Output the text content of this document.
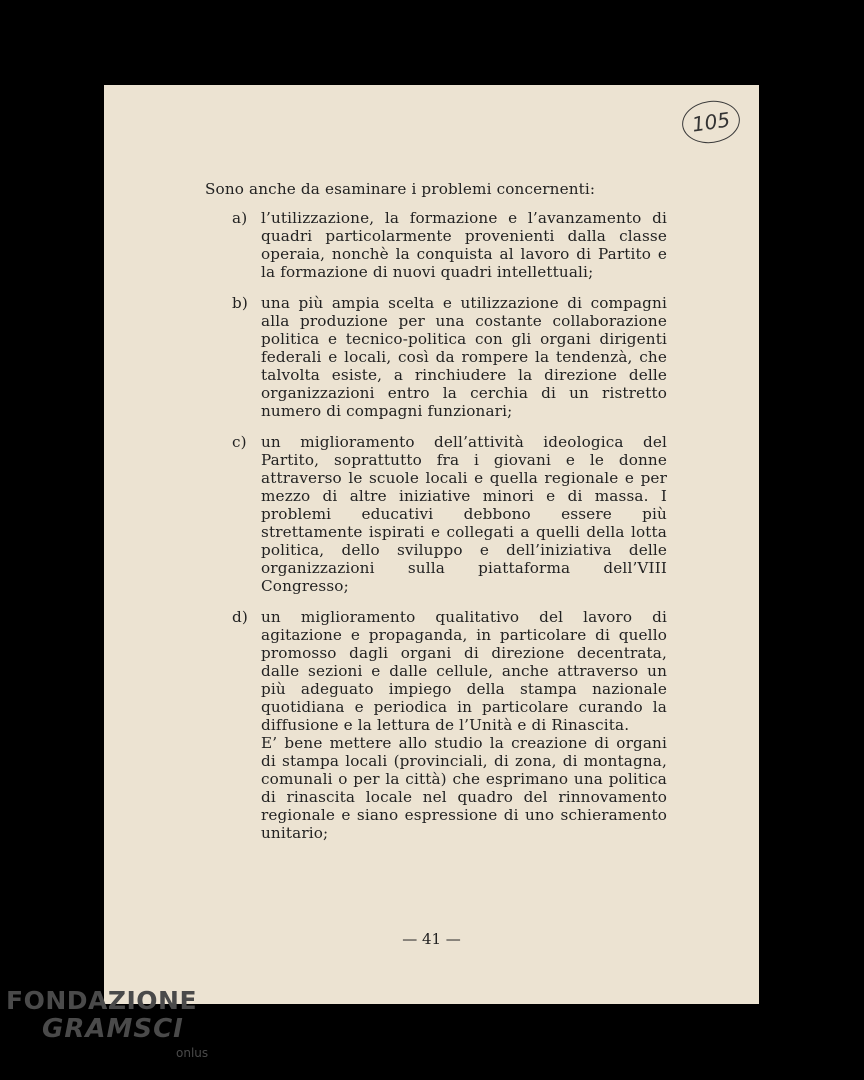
105

Sono anche da esaminare i problemi concernenti:

a) l’utilizzazione, la formazione e l’avanzamento di quadri particolarmente provenienti dalla classe operaia, nonchè la conquista al lavoro di Partito e la formazione di nuovi quadri intellettuali;

b) una più ampia scelta e utilizzazione di compagni alla produzione per una costante collaborazione politica e tecnico-politica con gli organi dirigenti federali e locali, così da rompere la tendenzà, che talvolta esiste, a rinchiudere la direzione delle organizzazioni entro la cerchia di un ristretto numero di compagni funzionari;

c) un miglioramento dell’attività ideologica del Partito, soprattutto fra i giovani e le donne attraverso le scuole locali e quella regionale e per mezzo di altre iniziative minori e di massa. I problemi educativi debbono essere più strettamente ispirati e collegati a quelli della lotta politica, dello sviluppo e dell’iniziativa delle organizzazioni sulla piattaforma dell’VIII Congresso;

d) un miglioramento qualitativo del lavoro di agitazione e propaganda, in particolare di quello promosso dagli organi di direzione decentrata, dalle sezioni e dalle cellule, anche attraverso un più adeguato impiego della stampa nazionale quotidiana e periodica in particolare curando la diffusione e la lettura de l’Unità e di Rinascita.

E’ bene mettere allo studio la creazione di organi di stampa locali (provinciali, di zona, di montagna, comunali o per la città) che esprimano una politica di rinascita locale nel quadro del rinnovamento regionale e siano espressione di uno schieramento unitario;

— 41 —
FONDAZIONE
GRAMSCI
onlus
